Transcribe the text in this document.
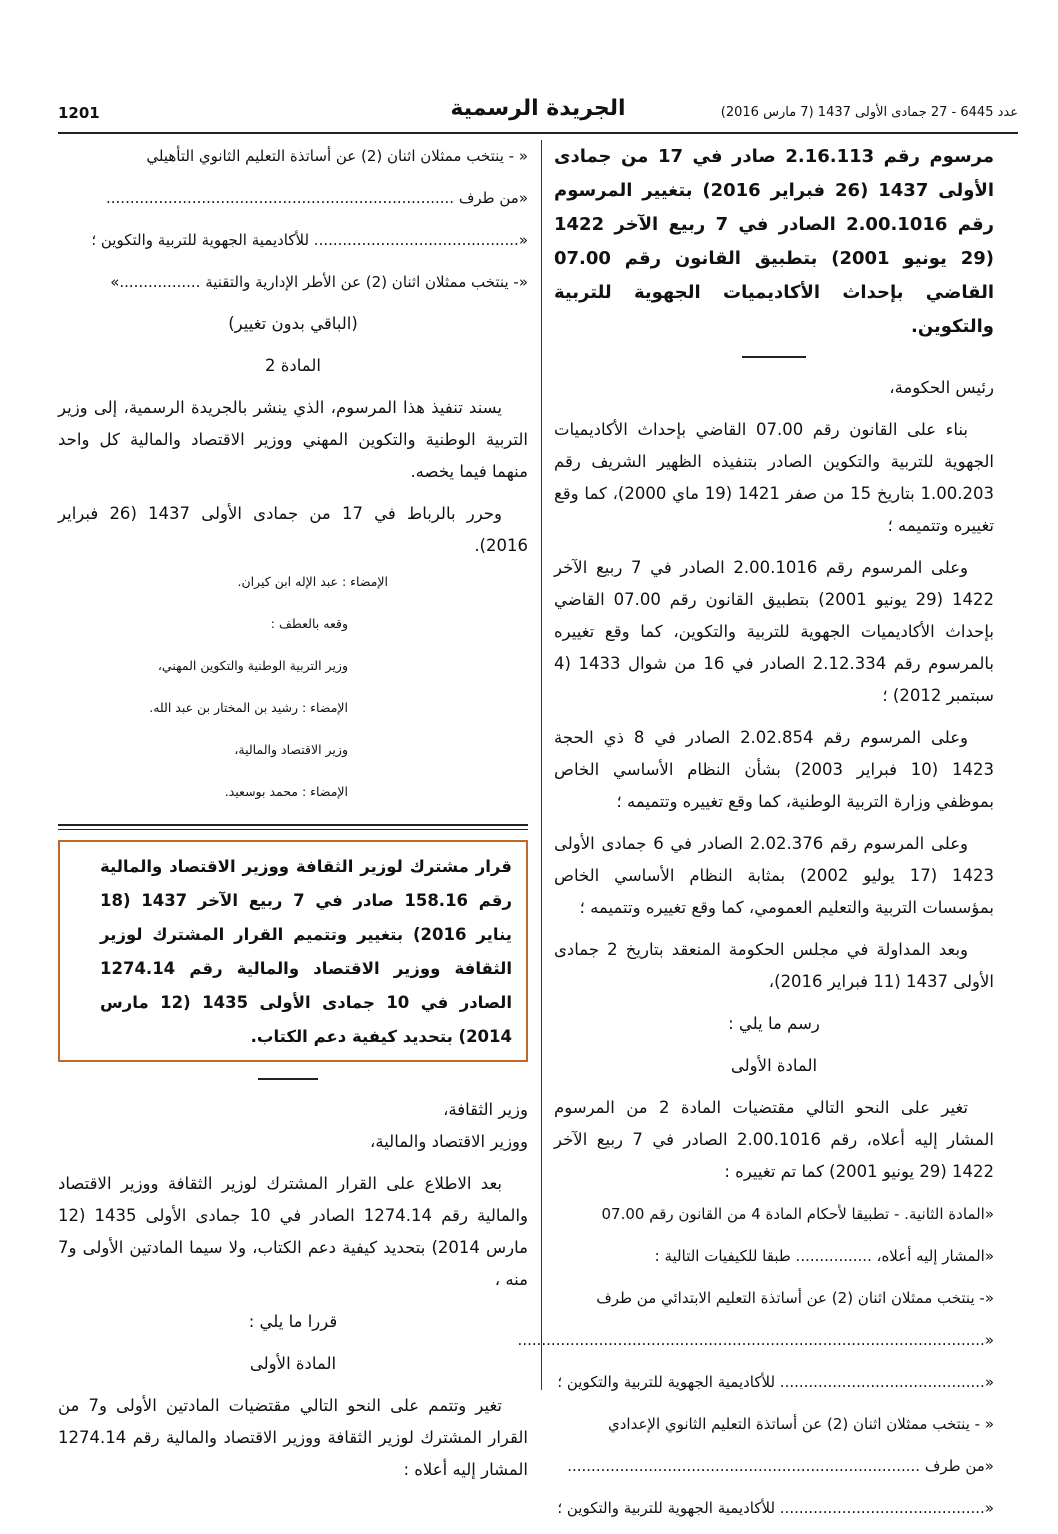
1201	الجريدة الرسمية	عدد 6445 - 27 جمادى الأولى 1437 (7 مارس 2016)

مرسوم رقم 2.16.113 صادر في 17 من جمادى الأولى 1437 (26 فبراير 2016) بتغيير المرسوم رقم 2.00.1016 الصادر في 7 ربيع الآخر 1422 (29 يونيو 2001) بتطبيق القانون رقم 07.00 القاضي بإحداث الأكاديميات الجهوية للتربية والتكوين.

رئيس الحكومة،

بناء على القانون رقم 07.00 القاضي بإحداث الأكاديميات الجهوية للتربية والتكوين الصادر بتنفيذه الظهير الشريف رقم 1.00.203 بتاريخ 15 من صفر 1421 (19 ماي 2000)، كما وقع تغييره وتتميمه ؛

وعلى المرسوم رقم 2.00.1016 الصادر في 7 ربيع الآخر 1422 (29 يونيو 2001) بتطبيق القانون رقم 07.00 القاضي بإحداث الأكاديميات الجهوية للتربية والتكوين، كما وقع تغييره بالمرسوم رقم 2.12.334 الصادر في 16 من شوال 1433 (4 سبتمبر 2012) ؛

وعلى المرسوم رقم 2.02.854 الصادر في 8 ذي الحجة 1423 (10 فبراير 2003) بشأن النظام الأساسي الخاص بموظفي وزارة التربية الوطنية، كما وقع تغييره وتتميمه ؛

وعلى المرسوم رقم 2.02.376 الصادر في 6 جمادى الأولى 1423 (17 يوليو 2002) بمثابة النظام الأساسي الخاص بمؤسسات التربية والتعليم العمومي، كما وقع تغييره وتتميمه ؛

وبعد المداولة في مجلس الحكومة المنعقد بتاريخ 2 جمادى الأولى 1437 (11 فبراير 2016)،

رسم ما يلي :

المادة الأولى

تغير على النحو التالي مقتضيات المادة 2 من المرسوم المشار إليه أعلاه، رقم 2.00.1016 الصادر في 7 ربيع الآخر 1422 (29 يونيو 2001) كما تم تغييره :

«المادة الثانية. - تطبيقا لأحكام المادة 4 من القانون رقم 07.00

«المشار إليه أعلاه، ................ طبقا للكيفيات التالية :

«- ينتخب ممثلان اثنان (2) عن أساتذة التعليم الابتدائي من طرف

«..................................................................................................

«........................................... للأكاديمية الجهوية للتربية والتكوين ؛

« - ينتخب ممثلان اثنان (2) عن أساتذة التعليم الثانوي الإعدادي

«من طرف ..........................................................................

«........................................... للأكاديمية الجهوية للتربية والتكوين ؛

« - ينتخب ممثلان اثنان (2) عن أساتذة التعليم الثانوي التأهيلي

«من طرف .........................................................................

«........................................... للأكاديمية الجهوية للتربية والتكوين ؛

«- ينتخب ممثلان اثنان (2) عن الأطر الإدارية والتقنية .................»

(الباقي بدون تغيير)

المادة 2

يسند تنفيذ هذا المرسوم، الذي ينشر بالجريدة الرسمية، إلى وزير التربية الوطنية والتكوين المهني ووزير الاقتصاد والمالية كل واحد منهما فيما يخصه.

وحرر بالرباط في 17 من جمادى الأولى 1437 (26 فبراير 2016).

الإمضاء : عبد الإله ابن كيران.

وقعه بالعطف :

وزير التربية الوطنية والتكوين المهني،

الإمضاء : رشيد بن المختار بن عبد الله.

وزير الاقتصاد والمالية،

الإمضاء : محمد بوسعيد.

قرار مشترك لوزير الثقافة ووزير الاقتصاد والمالية رقم 158.16 صادر في 7 ربيع الآخر 1437 (18 يناير 2016) بتغيير وتتميم القرار المشترك لوزير الثقافة ووزير الاقتصاد والمالية رقم 1274.14 الصادر في 10 جمادى الأولى 1435 (12 مارس 2014) بتحديد كيفية دعم الكتاب.

وزير الثقافة،

ووزير الاقتصاد والمالية،

بعد الاطلاع على القرار المشترك لوزير الثقافة ووزير الاقتصاد والمالية رقم 1274.14 الصادر في 10 جمادى الأولى 1435 (12 مارس 2014) بتحديد كيفية دعم الكتاب، ولا سيما المادتين الأولى و7 منه ،

قررا ما يلي :

المادة الأولى

تغير وتتمم على النحو التالي مقتضيات المادتين الأولى و7 من القرار المشترك لوزير الثقافة ووزير الاقتصاد والمالية رقم 1274.14 المشار إليه أعلاه :
